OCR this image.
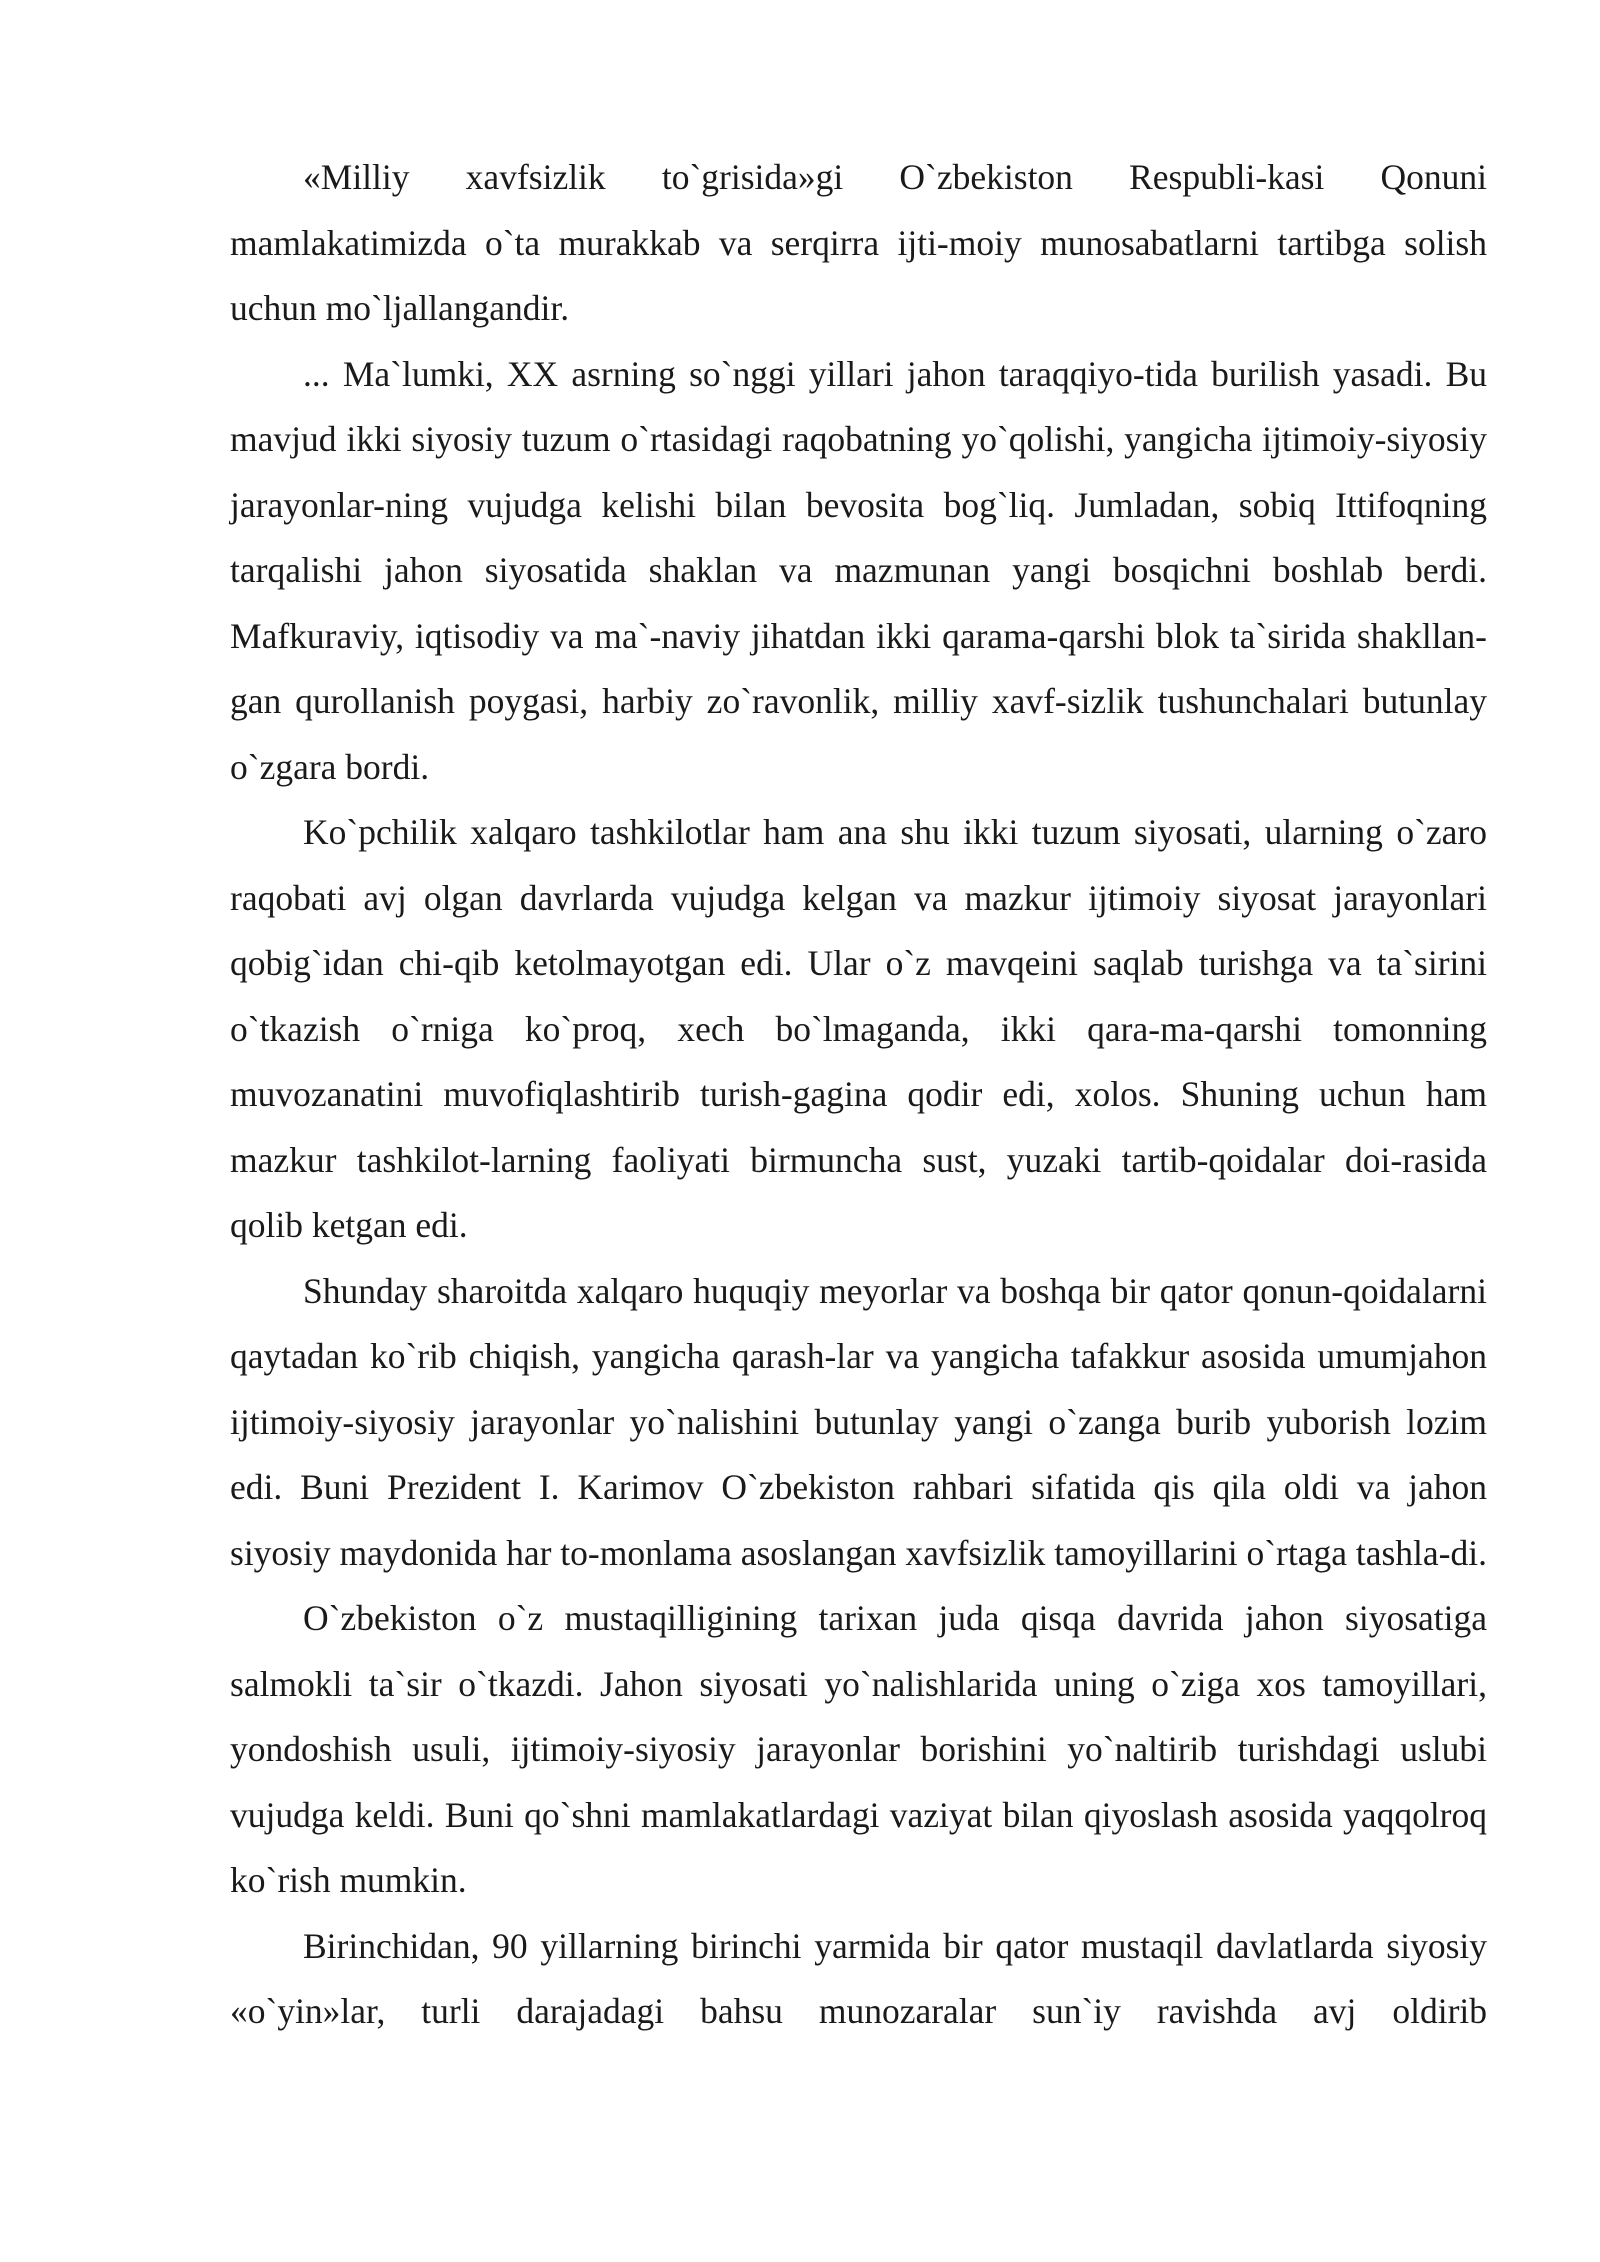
«Milliy xavfsizlik to`grisida»gi O`zbekiston Respubli-kasi Qonuni mamlakatimizda o`ta murakkab va serqirra ijti-moiy munosabatlarni tartibga solish uchun mo`ljallangandir.

... Ma`lumki, XX asrning so`nggi yillari jahon taraqqiyo-tida burilish yasadi. Bu mavjud ikki siyosiy tuzum o`rtasidagi raqobatning yo`qolishi, yangicha ijtimoiy-siyosiy jarayonlar-ning vujudga kelishi bilan bevosita bog`liq. Jumladan, sobiq Ittifoqning tarqalishi jahon siyosatida shaklan va mazmunan yangi bosqichni boshlab berdi. Mafkuraviy, iqtisodiy va ma`-naviy jihatdan ikki qarama-qarshi blok ta`sirida shakllan-gan qurollanish poygasi, harbiy zo`ravonlik, milliy xavf-sizlik tushunchalari butunlay o`zgara bordi.

Ko`pchilik xalqaro tashkilotlar ham ana shu ikki tuzum siyosati, ularning o`zaro raqobati avj olgan davrlarda vujudga kelgan va mazkur ijtimoiy siyosat jarayonlari qobig`idan chi-qib ketolmayotgan edi. Ular o`z mavqeini saqlab turishga va ta`sirini o`tkazish o`rniga ko`proq, xech bo`lmaganda, ikki qara-ma-qarshi tomonning muvozanatini muvofiqlashtirib turish-gagina qodir edi, xolos. Shuning uchun ham mazkur tashkilot-larning faoliyati birmuncha sust, yuzaki tartib-qoidalar doi-rasida qolib ketgan edi.

Shunday sharoitda xalqaro huquqiy meyorlar va boshqa bir qator qonun-qoidalarni qaytadan ko`rib chiqish, yangicha qarash-lar va yangicha tafakkur asosida umumjahon ijtimoiy-siyosiy jarayonlar yo`nalishini butunlay yangi o`zanga burib yuborish lozim edi. Buni Prezident I. Karimov O`zbekiston rahbari sifatida qis qila oldi va jahon siyosiy maydonida har to-monlama asoslangan xavfsizlik tamoyillarini o`rtaga tashla-di.

O`zbekiston o`z mustaqilligining tarixan juda qisqa davrida jahon siyosatiga salmokli ta`sir o`tkazdi. Jahon siyosati yo`nalishlarida uning o`ziga xos tamoyillari, yondoshish usuli, ijtimoiy-siyosiy jarayonlar borishini yo`naltirib turishdagi uslubi vujudga keldi. Buni qo`shni mamlakatlardagi vaziyat bilan qiyoslash asosida yaqqolroq ko`rish mumkin.

Birinchidan, 90 yillarning birinchi yarmida bir qator mustaqil davlatlarda siyosiy «o`yin»lar, turli darajadagi bahsu munozaralar sun`iy ravishda avj oldirib
